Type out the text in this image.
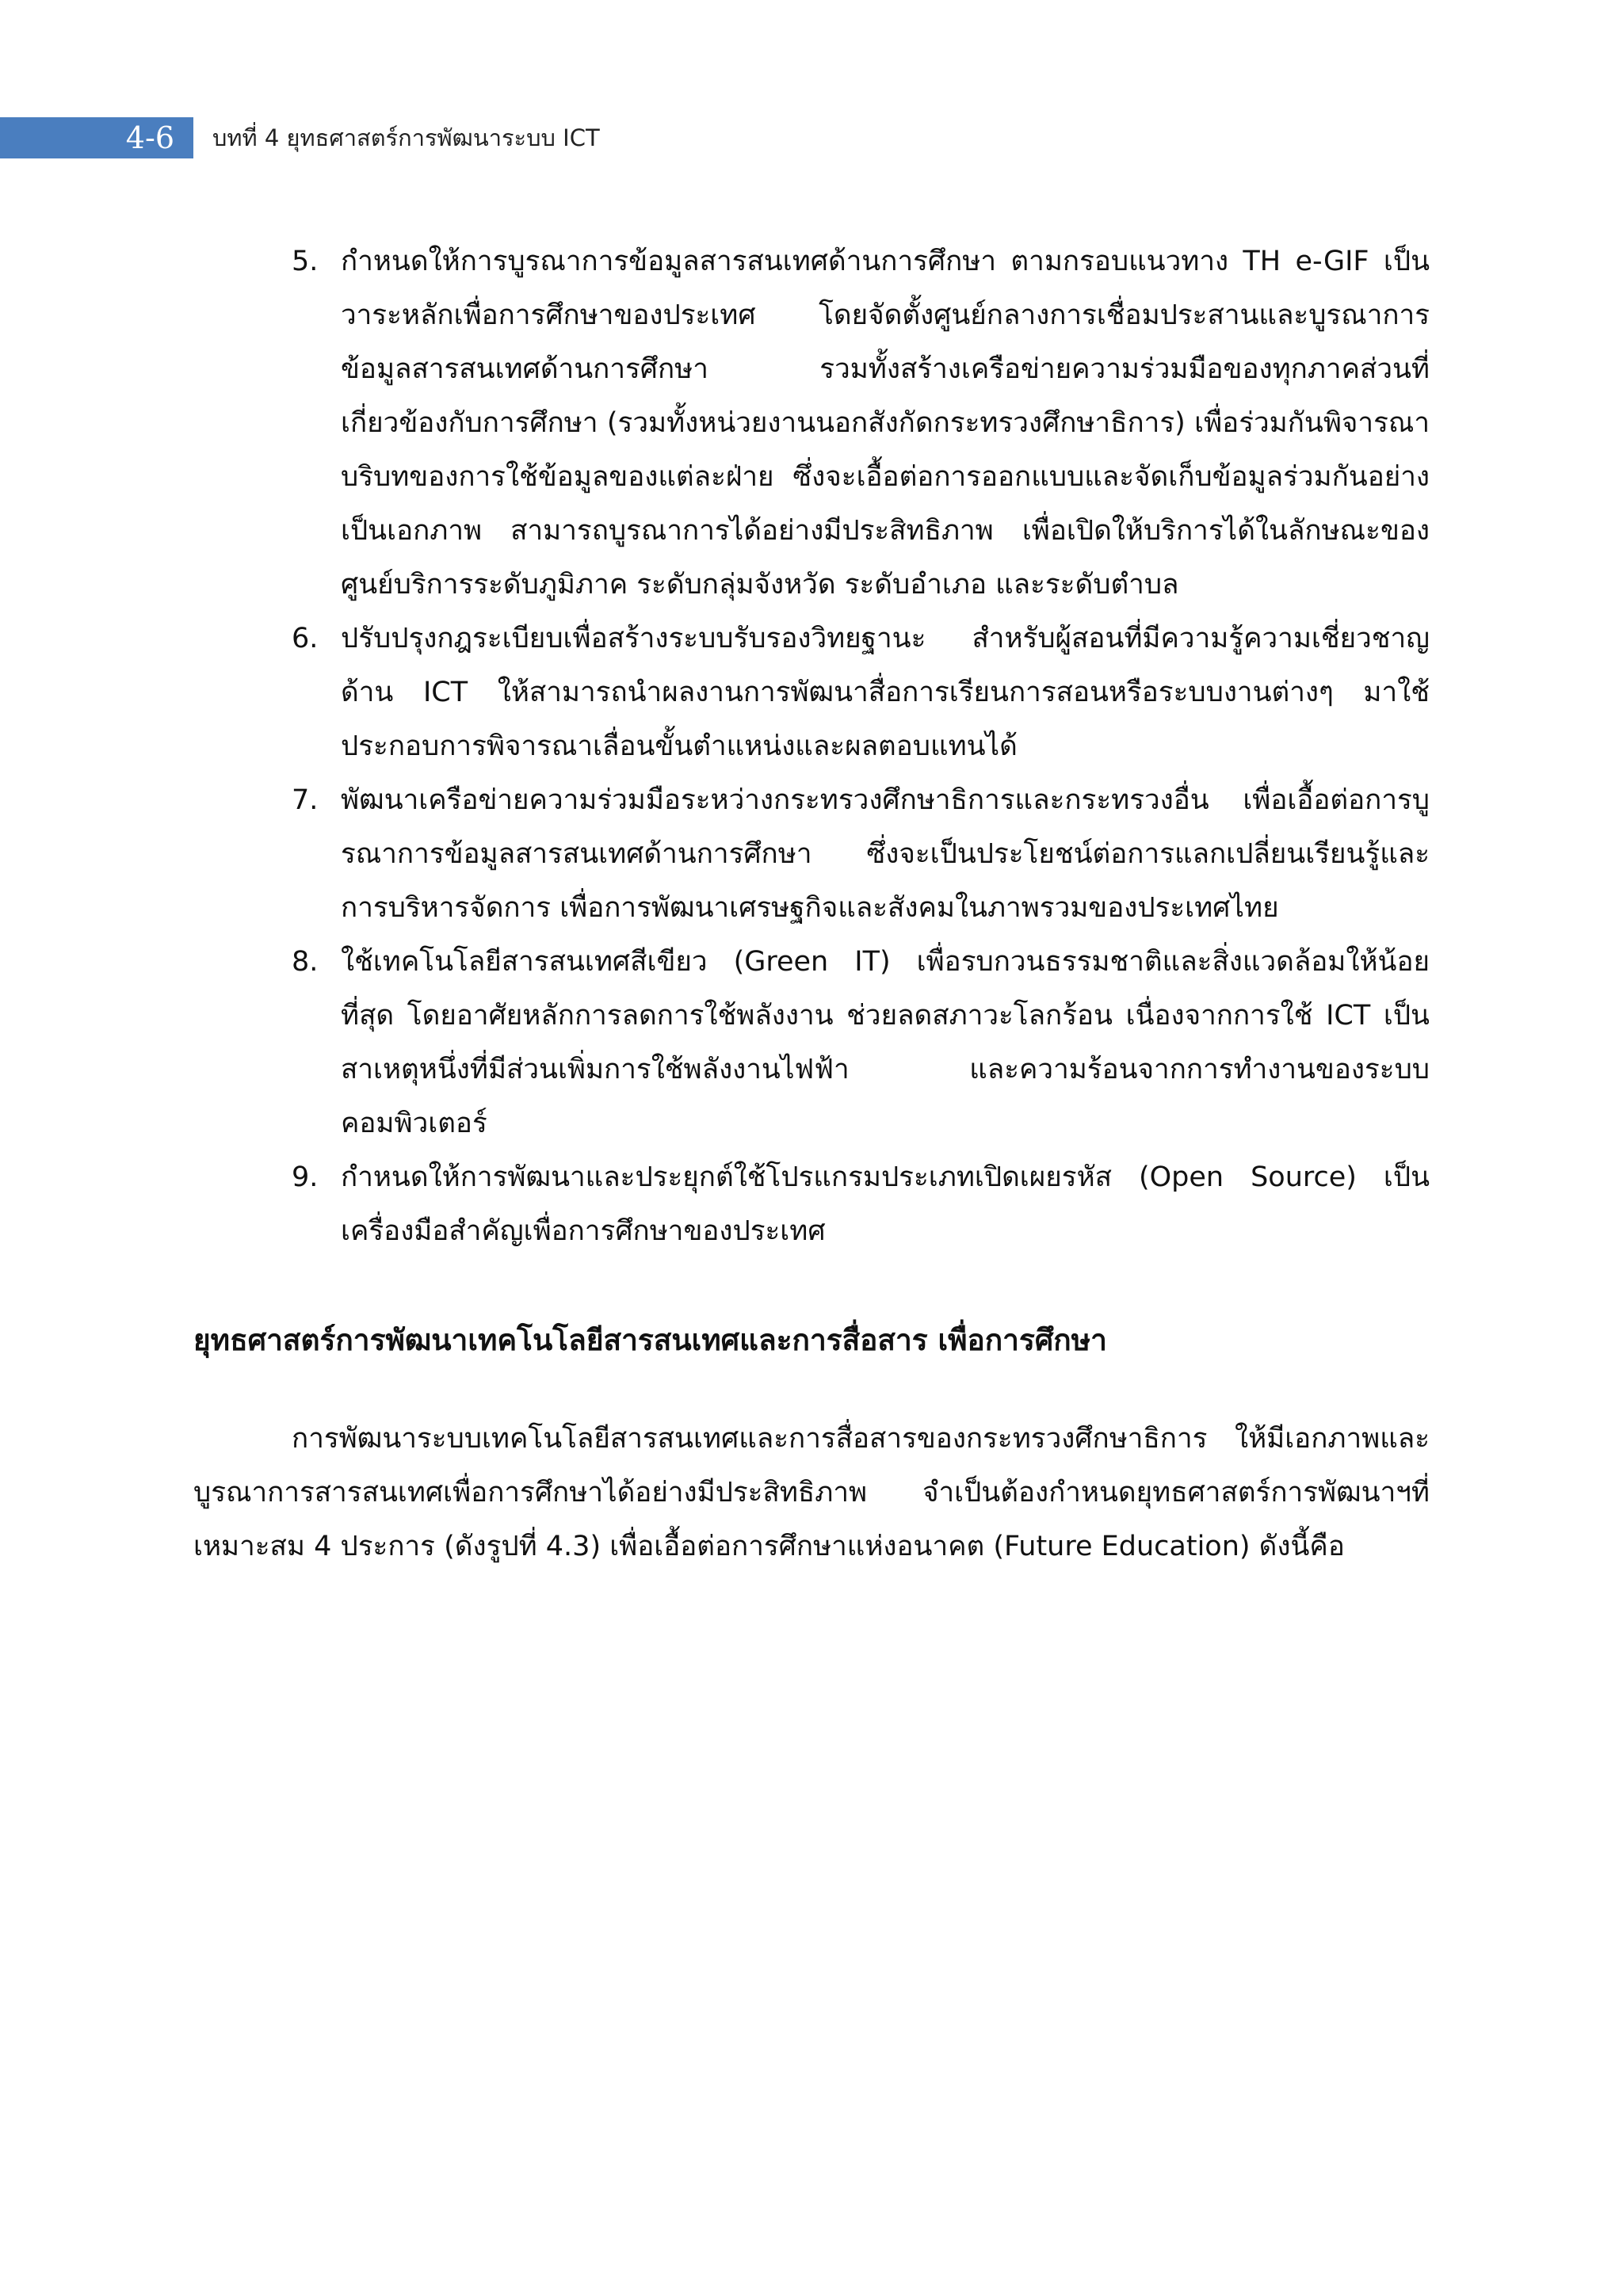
4-6	บทที่ 4 ยุทธศาสตร์การพัฒนาระบบ ICT
5. กำหนดให้การบูรณาการข้อมูลสารสนเทศด้านการศึกษา ตามกรอบแนวทาง TH e-GIF เป็นวาระหลักเพื่อการศึกษาของประเทศ โดยจัดตั้งศูนย์กลางการเชื่อมประสานและบูรณาการข้อมูลสารสนเทศด้านการศึกษา รวมทั้งสร้างเครือข่ายความร่วมมือของทุกภาคส่วนที่เกี่ยวข้องกับการศึกษา (รวมทั้งหน่วยงานนอกสังกัดกระทรวงศึกษาธิการ) เพื่อร่วมกันพิจารณาบริบทของการใช้ข้อมูลของแต่ละฝ่าย ซึ่งจะเอื้อต่อการออกแบบและจัดเก็บข้อมูลร่วมกันอย่างเป็นเอกภาพ สามารถบูรณาการได้อย่างมีประสิทธิภาพ เพื่อเปิดให้บริการได้ในลักษณะของศูนย์บริการระดับภูมิภาค ระดับกลุ่มจังหวัด ระดับอำเภอ และระดับตำบล
6. ปรับปรุงกฎระเบียบเพื่อสร้างระบบรับรองวิทยฐานะ สำหรับผู้สอนที่มีความรู้ความเชี่ยวชาญด้าน ICT ให้สามารถนำผลงานการพัฒนาสื่อการเรียนการสอนหรือระบบงานต่างๆ มาใช้ประกอบการพิจารณาเลื่อนขั้นตำแหน่งและผลตอบแทนได้
7. พัฒนาเครือข่ายความร่วมมือระหว่างกระทรวงศึกษาธิการและกระทรวงอื่น เพื่อเอื้อต่อการบูรณาการข้อมูลสารสนเทศด้านการศึกษา ซึ่งจะเป็นประโยชน์ต่อการแลกเปลี่ยนเรียนรู้และการบริหารจัดการ เพื่อการพัฒนาเศรษฐกิจและสังคมในภาพรวมของประเทศไทย
8. ใช้เทคโนโลยีสารสนเทศสีเขียว (Green IT) เพื่อรบกวนธรรมชาติและสิ่งแวดล้อมให้น้อยที่สุด โดยอาศัยหลักการลดการใช้พลังงาน ช่วยลดสภาวะโลกร้อน เนื่องจากการใช้ ICT เป็นสาเหตุหนึ่งที่มีส่วนเพิ่มการใช้พลังงานไฟฟ้า และความร้อนจากการทำงานของระบบคอมพิวเตอร์
9. กำหนดให้การพัฒนาและประยุกต์ใช้โปรแกรมประเภทเปิดเผยรหัส (Open Source) เป็นเครื่องมือสำคัญเพื่อการศึกษาของประเทศ
ยุทธศาสตร์การพัฒนาเทคโนโลยีสารสนเทศและการสื่อสาร เพื่อการศึกษา

การพัฒนาระบบเทคโนโลยีสารสนเทศและการสื่อสารของกระทรวงศึกษาธิการ ให้มีเอกภาพและบูรณาการสารสนเทศเพื่อการศึกษาได้อย่างมีประสิทธิภาพ จำเป็นต้องกำหนดยุทธศาสตร์การพัฒนาฯที่เหมาะสม 4 ประการ (ดังรูปที่ 4.3) เพื่อเอื้อต่อการศึกษาแห่งอนาคต (Future Education) ดังนี้คือ
